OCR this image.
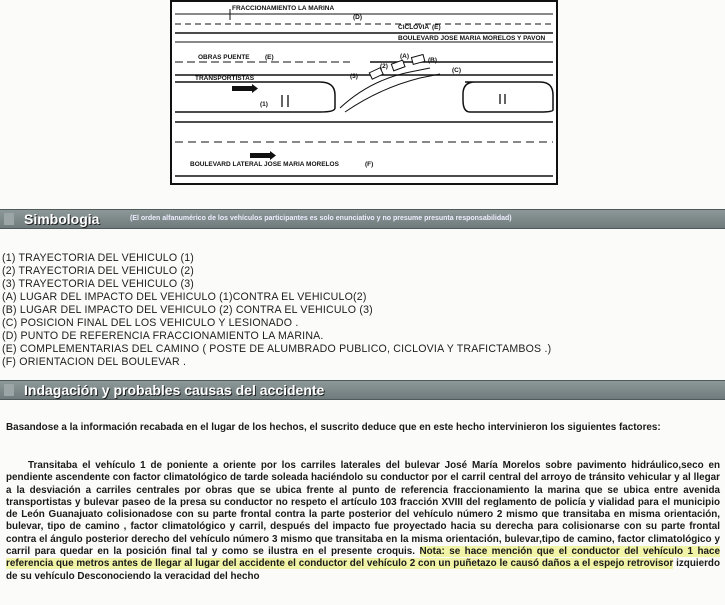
FRACCIONAMIENTO LA MARINA
(D)
CICLOVIA (E)
BOULEVARD JOSE MARIA MORELOS Y PAVON
OBRAS PUENTE (E)
TRANSPORTISTAS
(C)
(B)
(A)
(1)
(3)
(2)
BOULEVARD LATERAL JOSE MARIA MORELOS	(F)
Simbologia	(El orden alfanumérico de los vehículos participantes es solo enunciativo y no presume presunta responsabilidad)
(1) TRAYECTORIA DEL VEHICULO (1)
(2) TRAYECTORIA DEL VEHICULO (2)
(3) TRAYECTORIA DEL VEHICULO (3)
(A) LUGAR DEL IMPACTO DEL VEHICULO (1)CONTRA EL VEHICULO(2)
(B) LUGAR DEL IMPACTO DEL VEHICULO (2) CONTRA EL VEHICULO (3)
(C) POSICION FINAL DEL LOS VEHICULO Y LESIONADO .
(D) PUNTO DE REFERENCIA FRACCIONAMIENTO LA MARINA.
(E) COMPLEMENTARIAS DEL CAMINO ( POSTE DE ALUMBRADO PUBLICO, CICLOVIA Y TRAFICTAMBOS .)
(F) ORIENTACION DEL BOULEVAR .
Indagación y probables causas del accidente
Basandose a la información recabada en el lugar de los hechos, el suscrito deduce que en este hecho intervinieron los siguientes factores:
Transitaba el vehículo 1 de poniente a oriente por los carriles laterales del bulevar José María Morelos sobre pavimento hidráulico,seco en pendiente ascendente con factor climatológico de tarde soleada haciéndolo su conductor por el carril central del arroyo de tránsito vehicular y al llegar a la desviación a carriles centrales por obras que se ubica frente al punto de referencia fraccionamiento la marina que se ubica entre avenida transportistas y bulevar paseo de la presa su conductor no respeto el artículo 103 fracción XVIII del reglamento de policía y vialidad para el municipio de León Guanajuato colisionadose con su parte frontal contra la parte posterior del vehículo número 2 mismo que transitaba en misma orientación, bulevar, tipo de camino , factor climatológico y carril, después del impacto fue proyectado hacia su derecha para colisionarse con su parte frontal contra el ángulo posterior derecho del vehículo número 3 mismo que transitaba en la misma orientación, bulevar,tipo de camino, factor climatológico y carril para quedar en la posición final tal y como se ilustra en el presente croquis. Nota: se hace mención que el conductor del vehículo 1 hace referencia que metros antes de llegar al lugar del accidente el conductor del vehículo 2 con un puñetazo le causó daños a el espejo retrovisor izquierdo de su vehículo Desconociendo la veracidad del hecho
